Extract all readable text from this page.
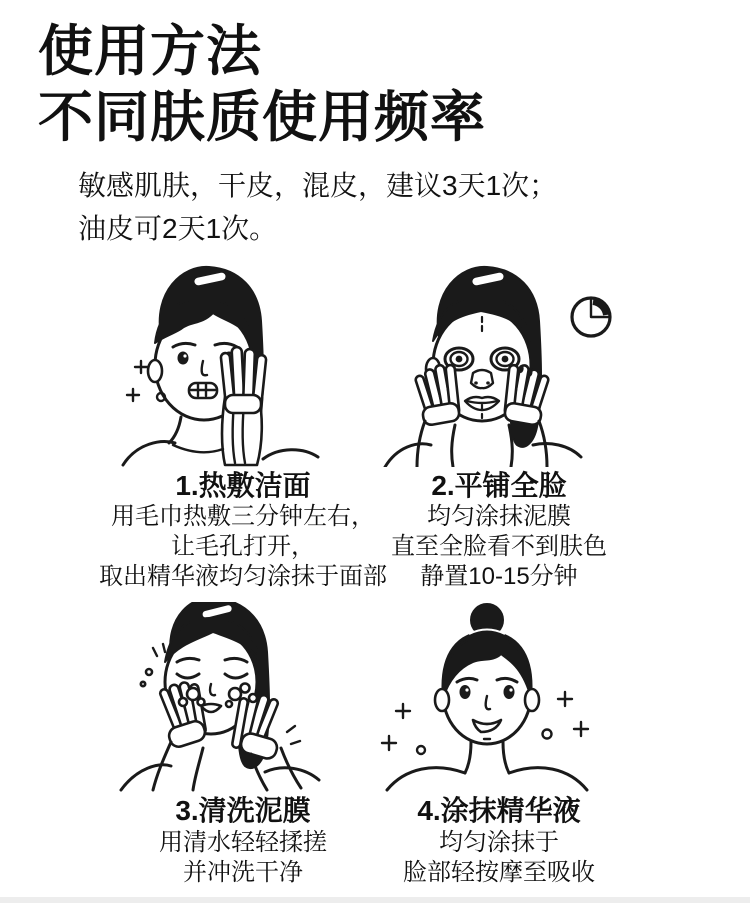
使用方法
不同肤质使用频率
敏感肌肤，干皮，混皮，建议3天1次；
油皮可2天1次。
1.热敷洁面
用毛巾热敷三分钟左右，
让毛孔打开，
取出精华液均匀涂抹于面部
2.平铺全脸
均匀涂抹泥膜
直至全脸看不到肤色
静置10-15分钟
3.清洗泥膜
用清水轻轻揉搓
并冲洗干净
4.涂抹精华液
均匀涂抹于
脸部轻按摩至吸收
